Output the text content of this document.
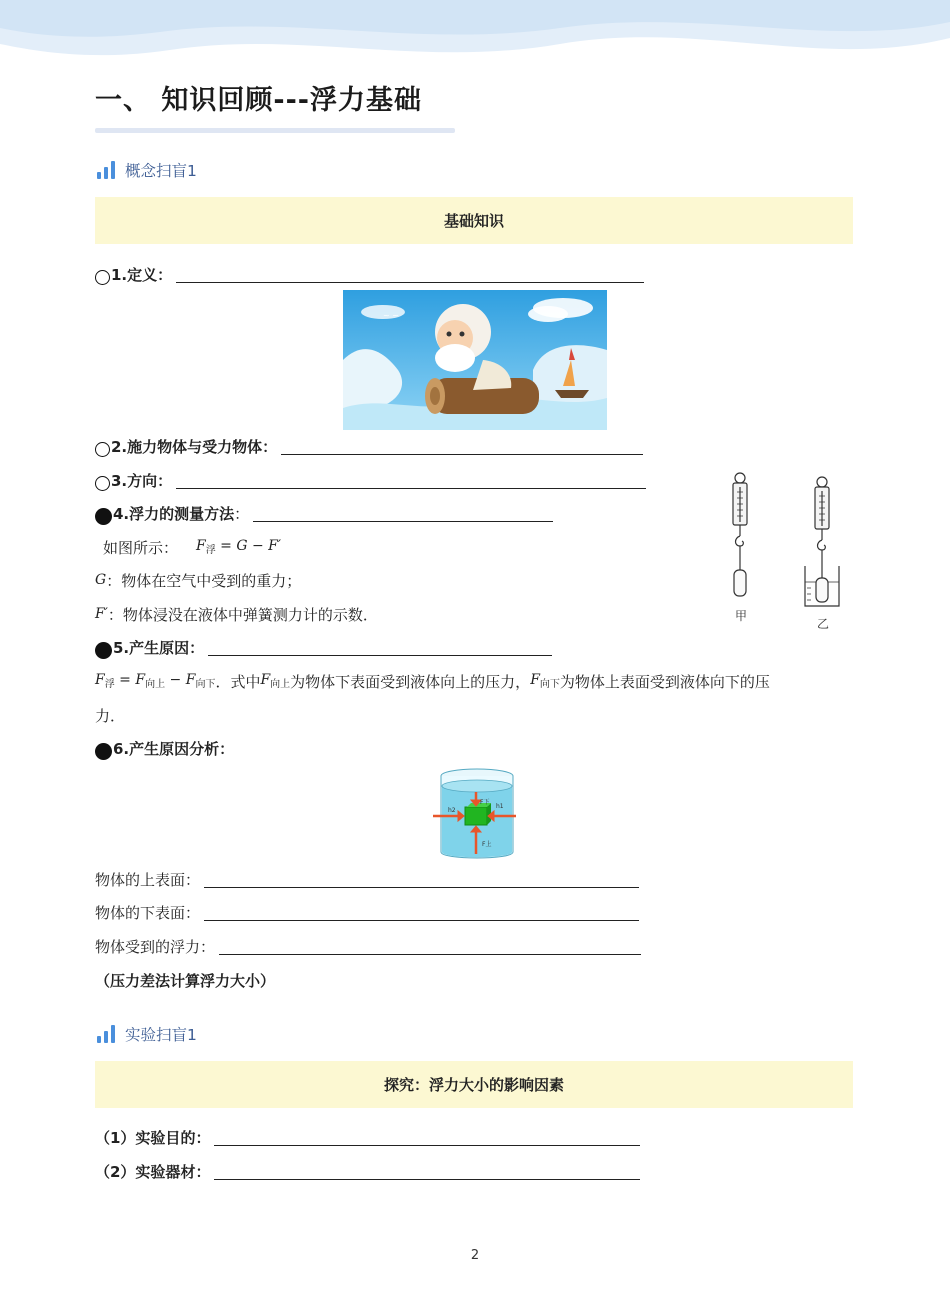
一、 知识回顾---浮力基础
概念扫盲1
基础知识
1.定义：
~ ~
2.施力物体与受力物体：
3.方向：
4.浮力的测量方法 ：
如图所示： $F_浮 = G - F'$
G ：物体在空气中受到的重力；
F′ ：物体浸没在液体中弹簧测力计的示数．	甲
乙
5.产生原因：
$F_浮 = F_{向上} - F_{向下}$ ．式中 $F_{向上}$ 为物体下表面受到液体向上的压力， $F_{向下}$ 为物体上表面受到液体向下的压
力．
6.产生原因分析：
F下
F上
h1
h2
物体的上表面：
物体的下表面：
物体受到的浮力：
（压力差法计算浮力大小）
实验扫盲1
探究：浮力大小的影响因素
（1）实验目的：
（2）实验器材：
2
